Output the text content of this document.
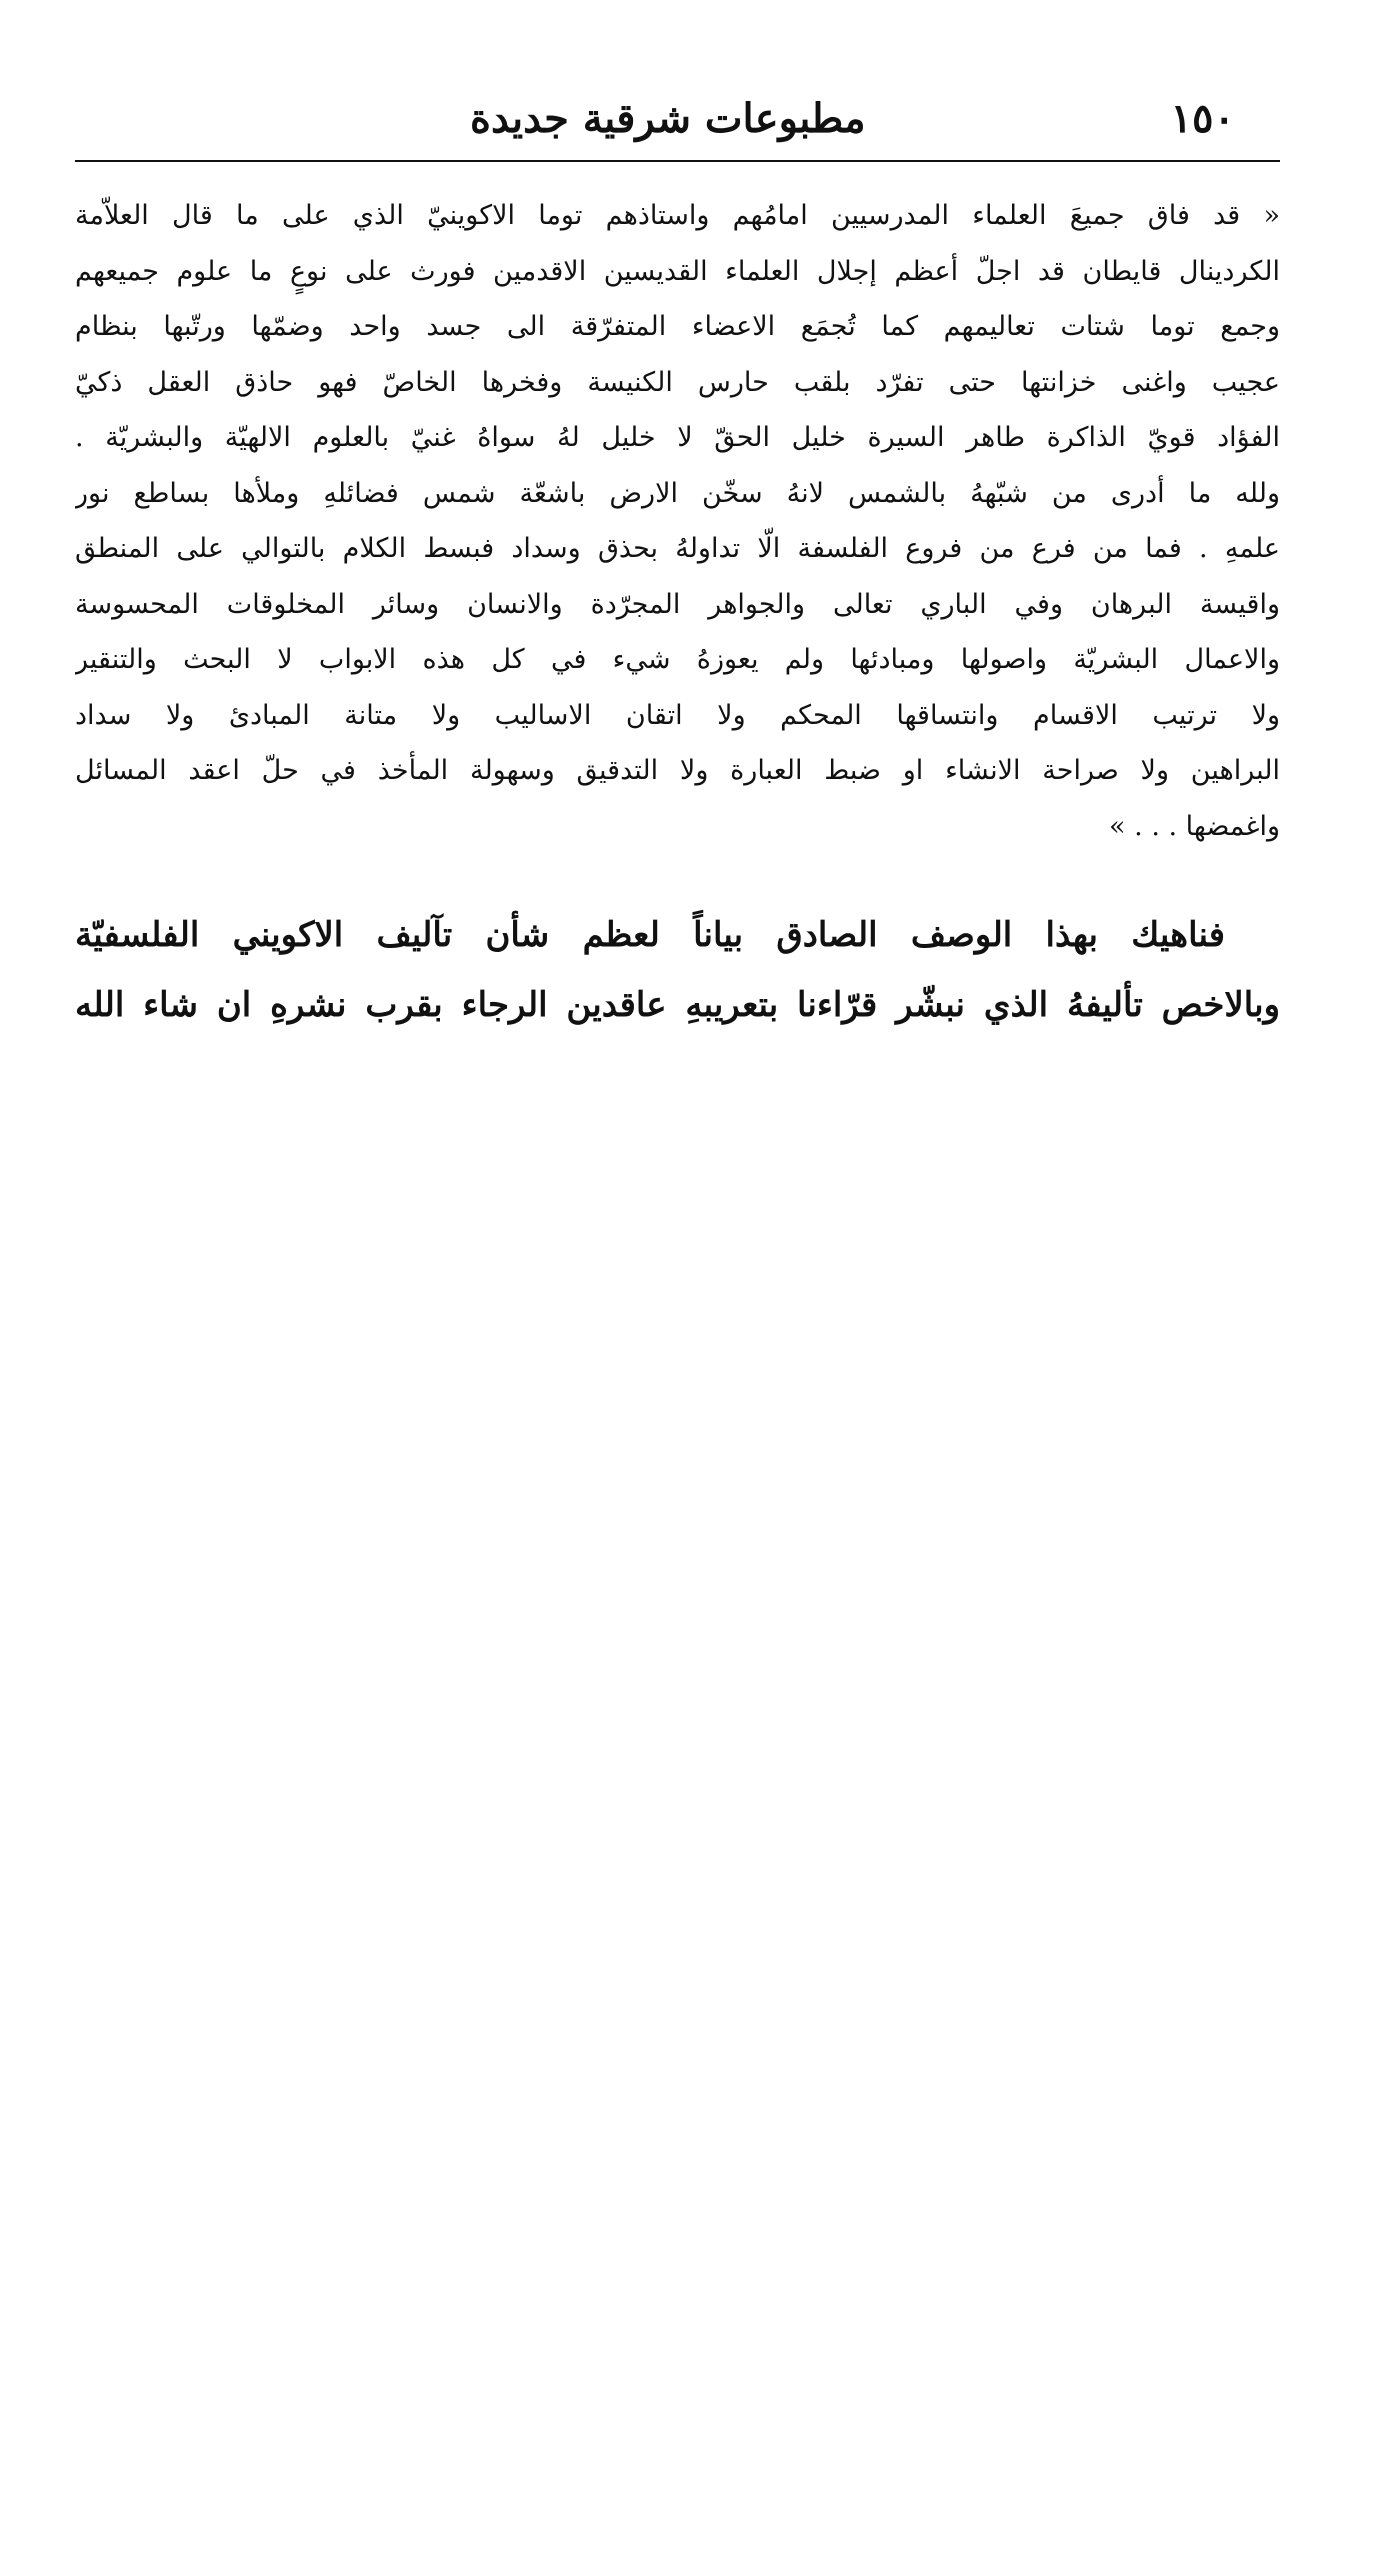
١٥٠
مطبوعات شرقية جديدة
« قد فاق جميعَ العلماء المدرسيين امامُهم واستاذهم توما الاكوينيّ الذي على ما قال العلاّمة
الكردينال قايطان قد اجلّ أعظم إجلال العلماء القديسين الاقدمين فورث على نوعٍ ما علوم جميعهم
وجمع توما شتات تعاليمهم كما تُجمَع الاعضاء المتفرّقة الى جسد واحد وضمّها ورتّبها بنظام
عجيب واغنى خزانتها حتى تفرّد بلقب حارس الكنيسة وفخرها الخاصّ فهو حاذق العقل ذكيّ
الفؤاد قويّ الذاكرة طاهر السيرة خليل الحقّ لا خليل لهُ سواهُ غنيّ بالعلوم الالهيّة والبشريّة .
ولله ما أدرى من شبّههُ بالشمس لانهُ سخّن الارض باشعّة شمس فضائلهِ وملأها بساطع نور
علمهِ . فما من فرع من فروع الفلسفة الّا تداولهُ بحذق وسداد فبسط الكلام بالتوالي على المنطق
واقيسة البرهان وفي الباري تعالى والجواهر المجرّدة والانسان وسائر المخلوقات المحسوسة
والاعمال البشريّة واصولها ومبادئها ولم يعوزهُ شيء في كل هذه الابواب لا البحث والتنقير
ولا ترتيب الاقسام وانتساقها المحكم ولا اتقان الاساليب ولا متانة المبادئ ولا سداد
البراهين ولا صراحة الانشاء او ضبط العبارة ولا التدقيق وسهولة المأخذ في حلّ اعقد المسائل
واغمضها . . . »
فناهيك بهذا الوصف الصادق بياناً لعظم شأن تآليف الاكويني الفلسفيّة
وبالاخص تأليفهُ الذي نبشّر قرّاءنا بتعريبهِ عاقدين الرجاء بقرب نشرهِ ان شاء الله
